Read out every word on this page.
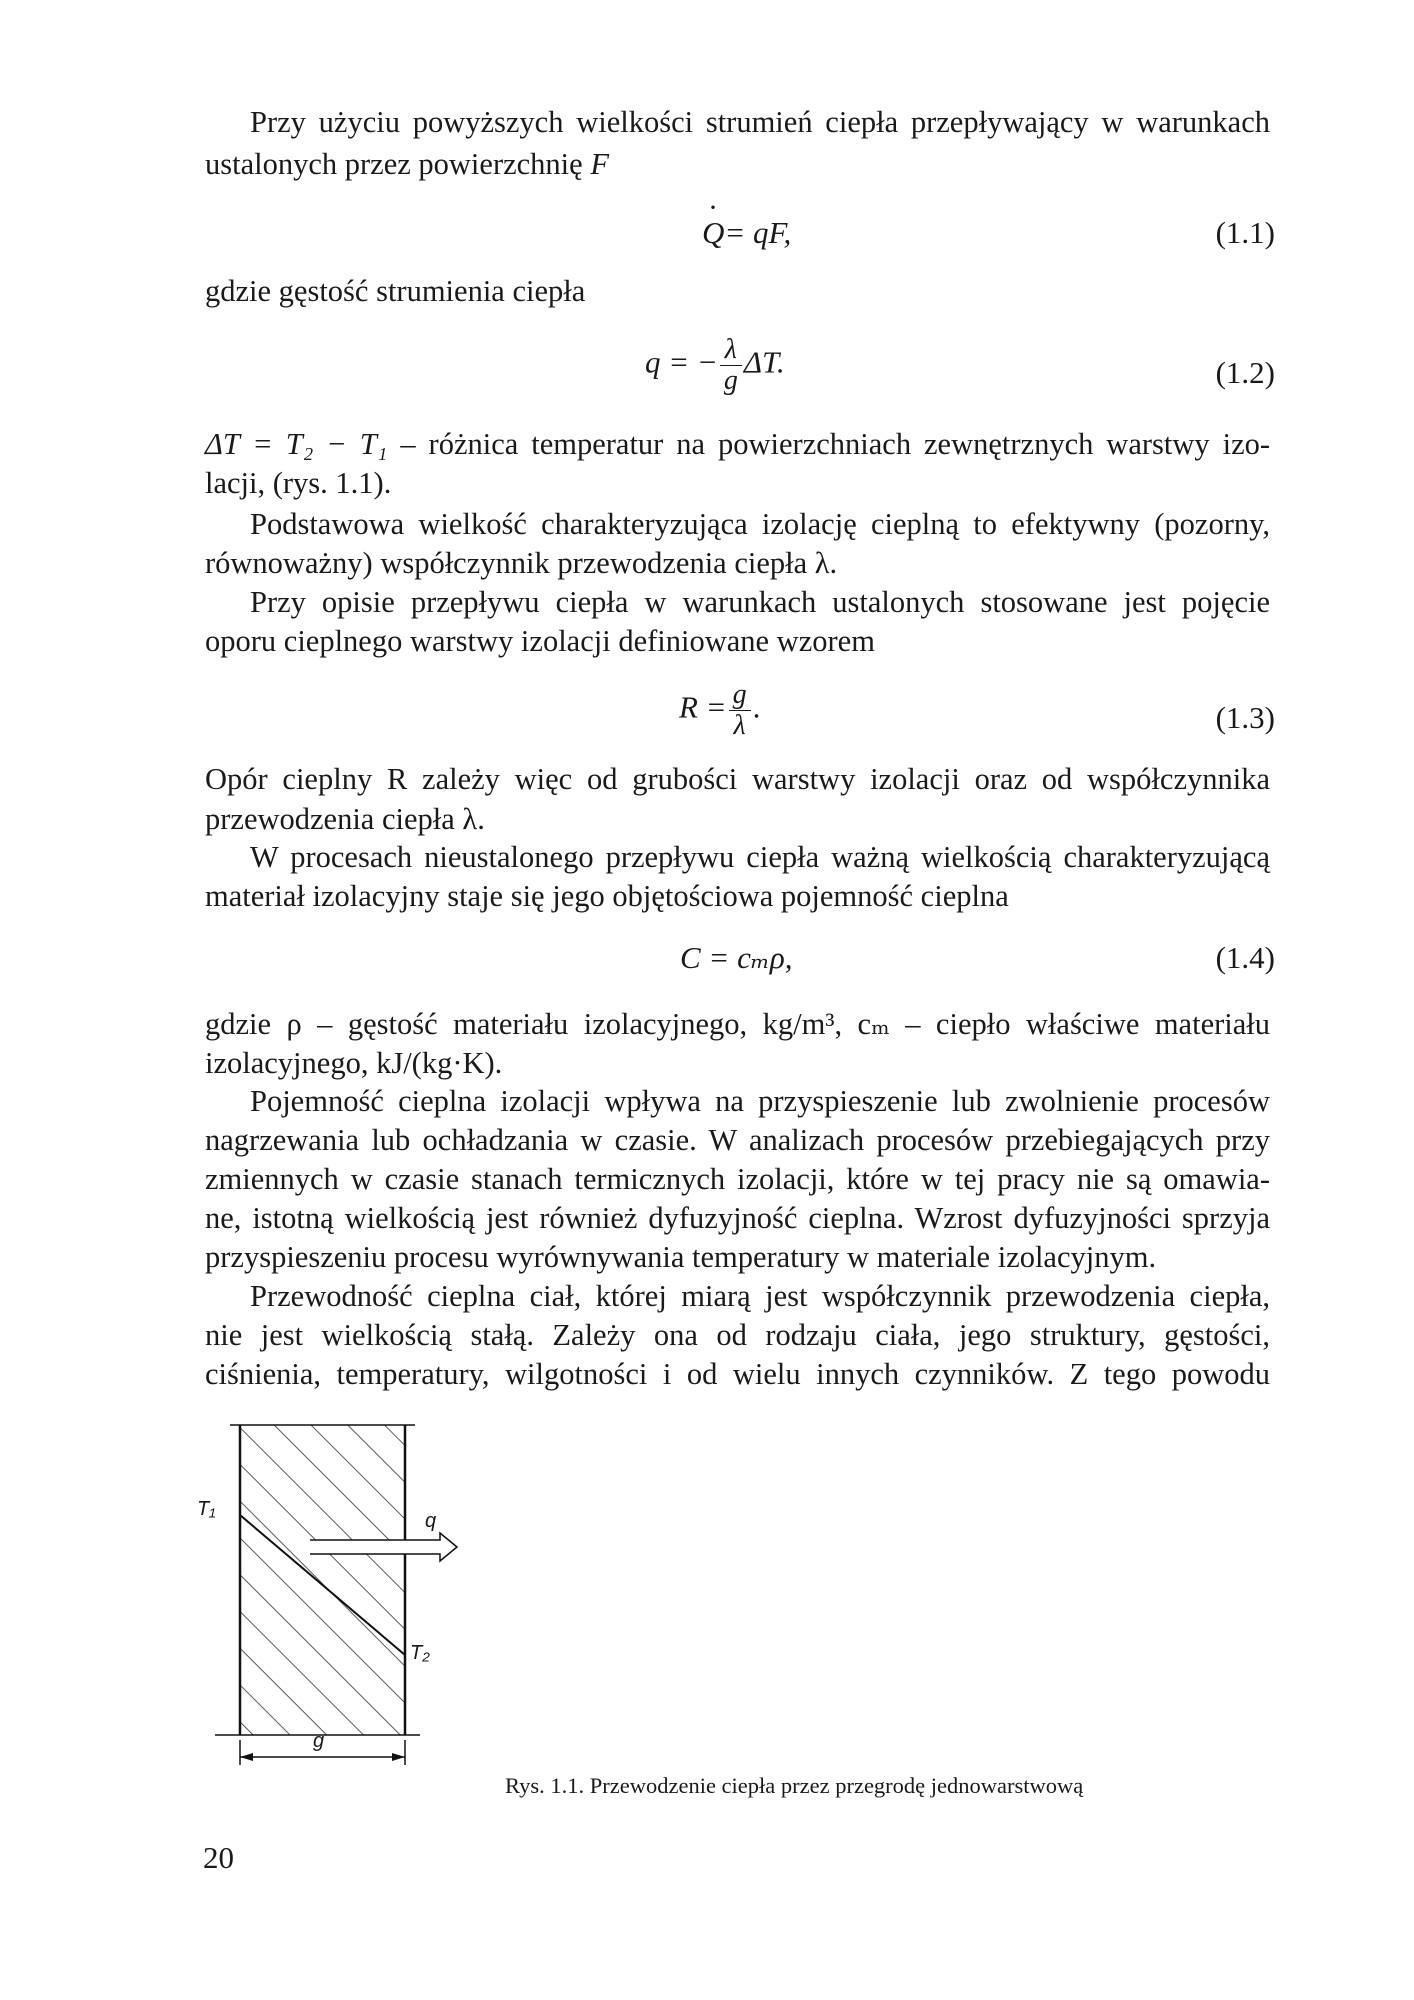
Przy użyciu powyższych wielkości strumień ciepła przepływający w warunkach
ustalonych przez powierzchnię F
· Q= qF,	(1.1)
gdzie gęstość strumienia ciepła
q = − $\frac{\lambda}{g} \Delta T$.	(1.2)
ΔT = T₂ − T₁ – różnica temperatur na powierzchniach zewnętrznych warstwy izo-
lacji, (rys. 1.1).
Podstawowa wielkość charakteryzująca izolację cieplną to efektywny (pozorny,
równoważny) współczynnik przewodzenia ciepła λ.
Przy opisie przepływu ciepła w warunkach ustalonych stosowane jest pojęcie
oporu cieplnego warstwy izolacji definiowane wzorem
$R = \frac{g}{\lambda}$ .	(1.3)
Opór cieplny R zależy więc od grubości warstwy izolacji oraz od współczynnika
przewodzenia ciepła λ.
W procesach nieustalonego przepływu ciepła ważną wielkością charakteryzującą
materiał izolacyjny staje się jego objętościowa pojemność cieplna
C = cₘρ,	(1.4)
gdzie ρ – gęstość materiału izolacyjnego, kg/m³, cₘ – ciepło właściwe materiału
izolacyjnego, kJ/(kg·K).
Pojemność cieplna izolacji wpływa na przyspieszenie lub zwolnienie procesów
nagrzewania lub ochładzania w czasie. W analizach procesów przebiegających przy
zmiennych w czasie stanach termicznych izolacji, które w tej pracy nie są omawia-
ne, istotną wielkością jest również dyfuzyjność cieplna. Wzrost dyfuzyjności sprzyja
przyspieszeniu procesu wyrównywania temperatury w materiale izolacyjnym.
Przewodność cieplna ciał, której miarą jest współczynnik przewodzenia ciepła,
nie jest wielkością stałą. Zależy ona od rodzaju ciała, jego struktury, gęstości,
ciśnienia, temperatury, wilgotności i od wielu innych czynników. Z tego powodu
T₁
T₂
q
g
Rys. 1.1. Przewodzenie ciepła przez przegrodę jednowarstwową
20
